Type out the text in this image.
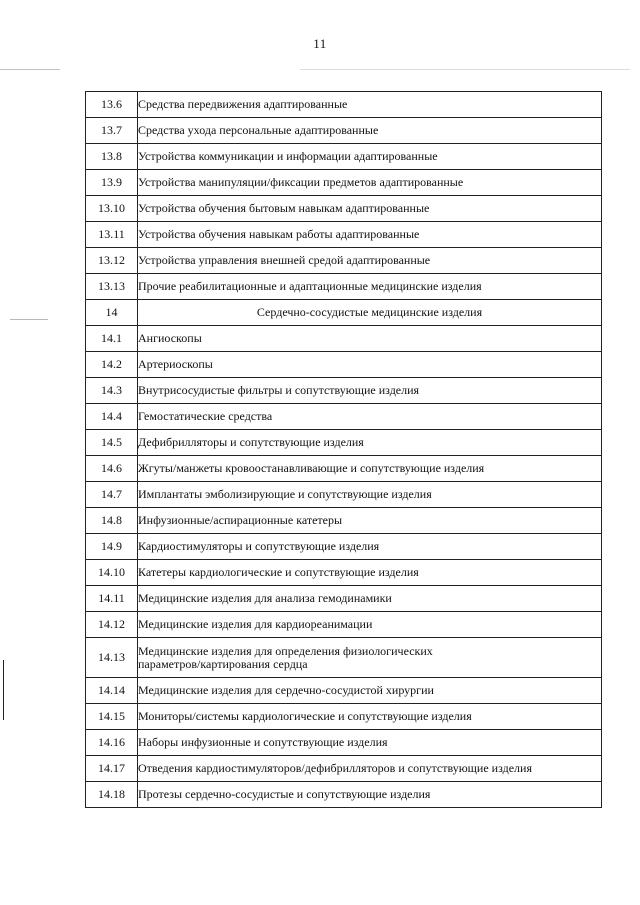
11
13.6	Средства передвижения адаптированные
13.7	Средства ухода персональные адаптированные
13.8	Устройства коммуникации и информации адаптированные
13.9	Устройства манипуляции/фиксации предметов адаптированные
13.10	Устройства обучения бытовым навыкам адаптированные
13.11	Устройства обучения навыкам работы адаптированные
13.12	Устройства управления внешней средой адаптированные
13.13	Прочие реабилитационные и адаптационные медицинские изделия
14	Сердечно-сосудистые медицинские изделия
14.1	Ангиоскопы
14.2	Артериоскопы
14.3	Внутрисосудистые фильтры и сопутствующие изделия
14.4	Гемостатические средства
14.5	Дефибрилляторы и сопутствующие изделия
14.6	Жгуты/манжеты кровоостанавливающие и сопутствующие изделия
14.7	Имплантаты эмболизирующие и сопутствующие изделия
14.8	Инфузионные/аспирационные катетеры
14.9	Кардиостимуляторы и сопутствующие изделия
14.10	Катетеры кардиологические и сопутствующие изделия
14.11	Медицинские изделия для анализа гемодинамики
14.12	Медицинские изделия для кардиореанимации
14.13	Медицинские изделия для определения физиологических
параметров/картирования сердца

14.14	Медицинские изделия для сердечно-сосудистой хирургии
14.15	Мониторы/системы кардиологические и сопутствующие изделия
14.16	Наборы инфузионные и сопутствующие изделия
14.17	Отведения кардиостимуляторов/дефибрилляторов и сопутствующие изделия
14.18	Протезы сердечно-сосудистые и сопутствующие изделия
